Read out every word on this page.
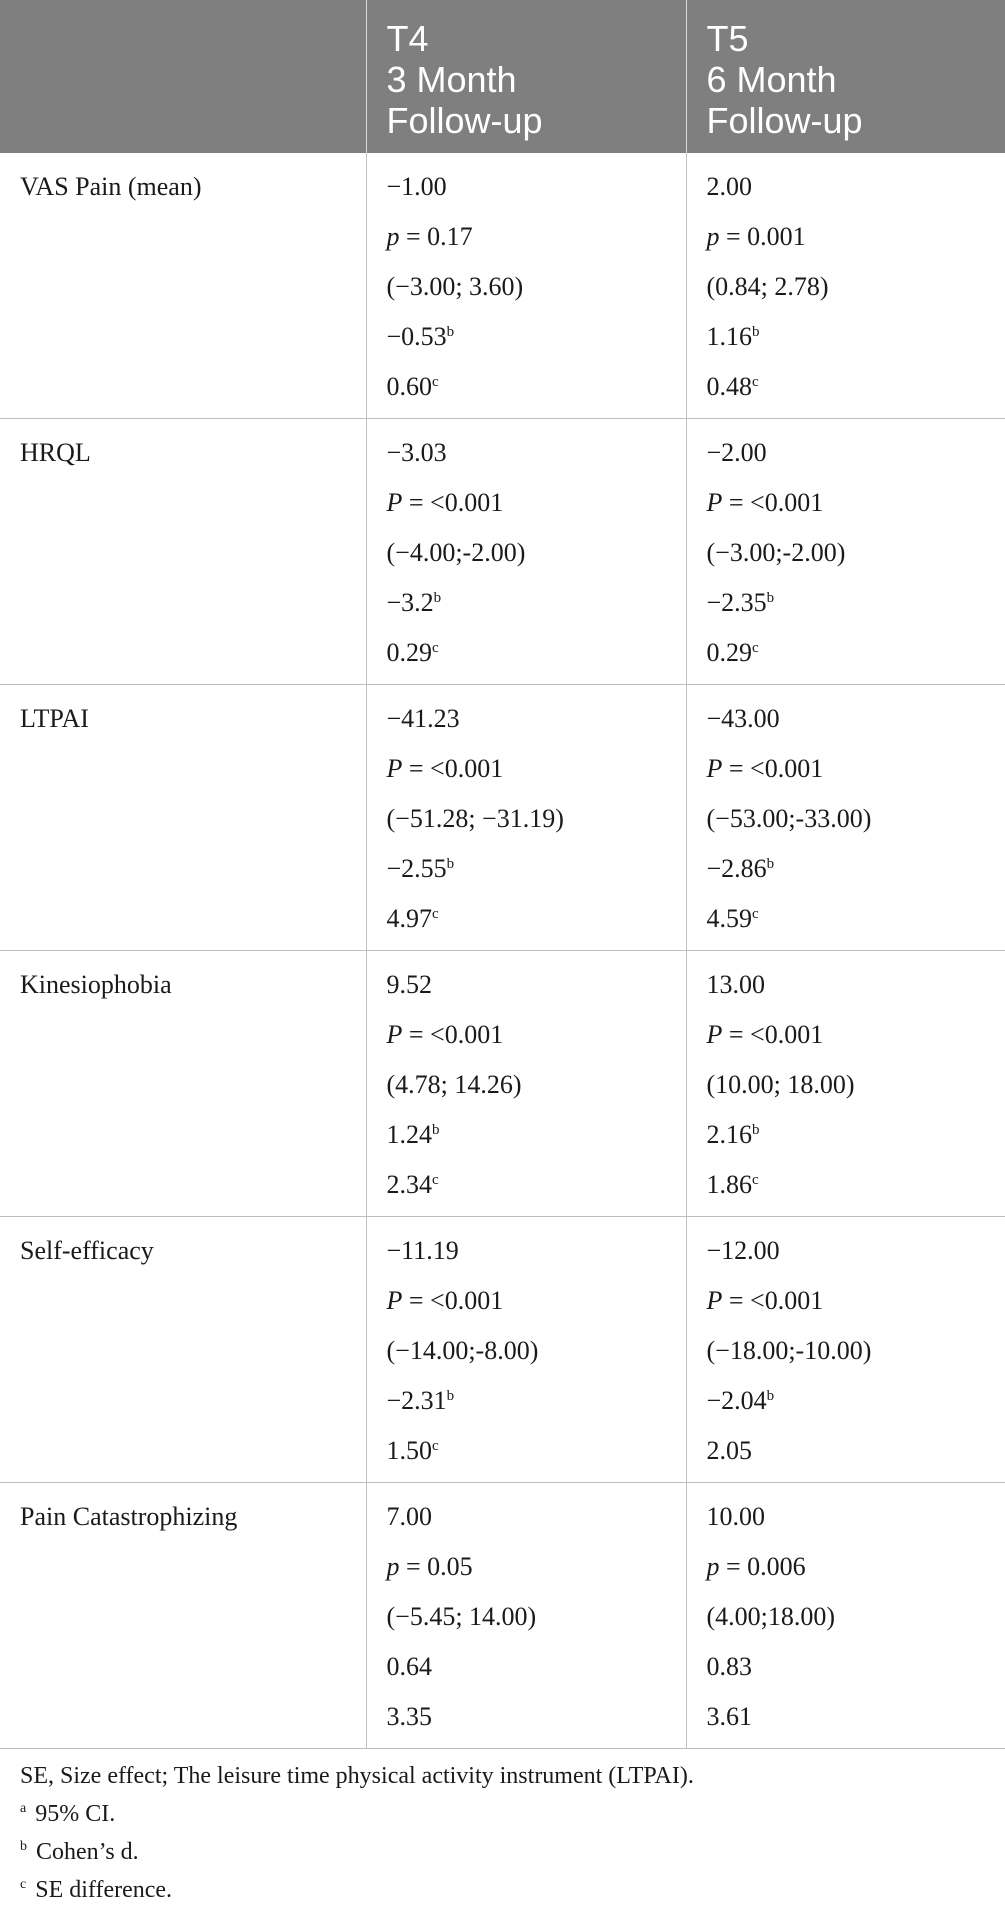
	T4
3 Month
Follow-up	T5
6 Month
Follow-up

VAS Pain (mean)	−1.00
p = 0.17
(−3.00; 3.60)
−0.53$^b$
0.60$^c$	2.00
p = 0.001
(0.84; 2.78)
1.16$^b$
0.48$^c$

HRQL	−3.03
P = <0.001
(−4.00;-2.00)
−3.2$^b$
0.29$^c$	−2.00
P = <0.001
(−3.00;-2.00)
−2.35$^b$
0.29$^c$

LTPAI	−41.23
P = <0.001
(−51.28; −31.19)
−2.55$^b$
4.97$^c$	−43.00
P = <0.001
(−53.00;-33.00)
−2.86$^b$
4.59$^c$

Kinesiophobia	9.52
P = <0.001
(4.78; 14.26)
1.24$^b$
2.34$^c$	13.00
P = <0.001
(10.00; 18.00)
2.16$^b$
1.86$^c$

Self-efficacy	−11.19
P = <0.001
(−14.00;-8.00)
−2.31$^b$
1.50$^c$	−12.00
P = <0.001
(−18.00;-10.00)
−2.04$^b$
2.05

Pain Catastrophizing	7.00
p = 0.05
(−5.45; 14.00)
0.64
3.35	10.00
p = 0.006
(4.00;18.00)
0.83
3.61
SE, Size effect; The leisure time physical activity instrument (LTPAI).
$^a$ 95% CI.
$^b$ Cohen’s d.
$^c$ SE difference.
